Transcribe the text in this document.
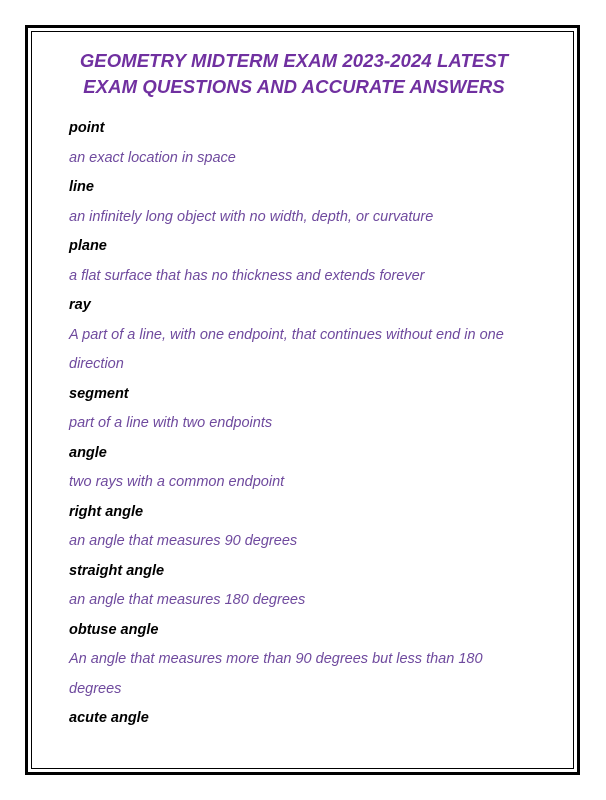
GEOMETRY MIDTERM EXAM 2023-2024 LATEST EXAM QUESTIONS AND ACCURATE ANSWERS

point

an exact location in space

line

an infinitely long object with no width, depth, or curvature

plane

a flat surface that has no thickness and extends forever

ray

A part of a line, with one endpoint, that continues without end in one direction

segment

part of a line with two endpoints

angle

two rays with a common endpoint

right angle

an angle that measures 90 degrees

straight angle

an angle that measures 180 degrees

obtuse angle

An angle that measures more than 90 degrees but less than 180 degrees

acute angle
